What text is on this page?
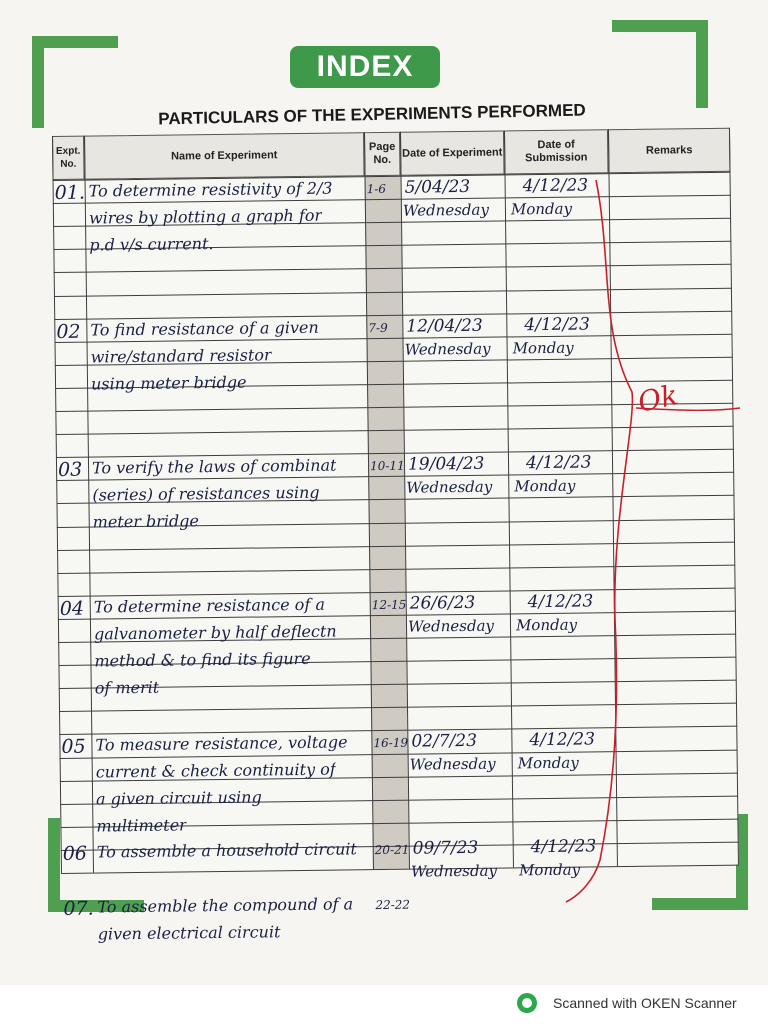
INDEX
PARTICULARS OF THE EXPERIMENTS PERFORMED
Expt. No.
Name of Experiment
Page No.
Date of Experiment
Date of Submission
Remarks
01. To determine resistivity of 2/3
wires by plotting a graph for
p.d v/s current.
1-6 5/04/23
Wednesday
4/12/23
Monday
02 To find resistance of a given
wire/standard resistor
using meter bridge
7-9 12/04/23
Wednesday
4/12/23
Monday
03 To verify the laws of combinat
(series) of resistances using
meter bridge
10-11 19/04/23
Wednesday
4/12/23
Monday
04 To determine resistance of a
galvanometer by half deflectn
method & to find its figure
of merit
12-15 26/6/23
Wednesday
4/12/23
Monday
05 To measure resistance, voltage
current & check continuity of
a given circuit using
multimeter
16-19 02/7/23
Wednesday
4/12/23
Monday
06 To assemble a household circuit 20-21 09/7/23
Wednesday
4/12/23
Monday
07. To assemble the compound of a
given electrical circuit
22-22
Ok
Scanned with OKEN Scanner
